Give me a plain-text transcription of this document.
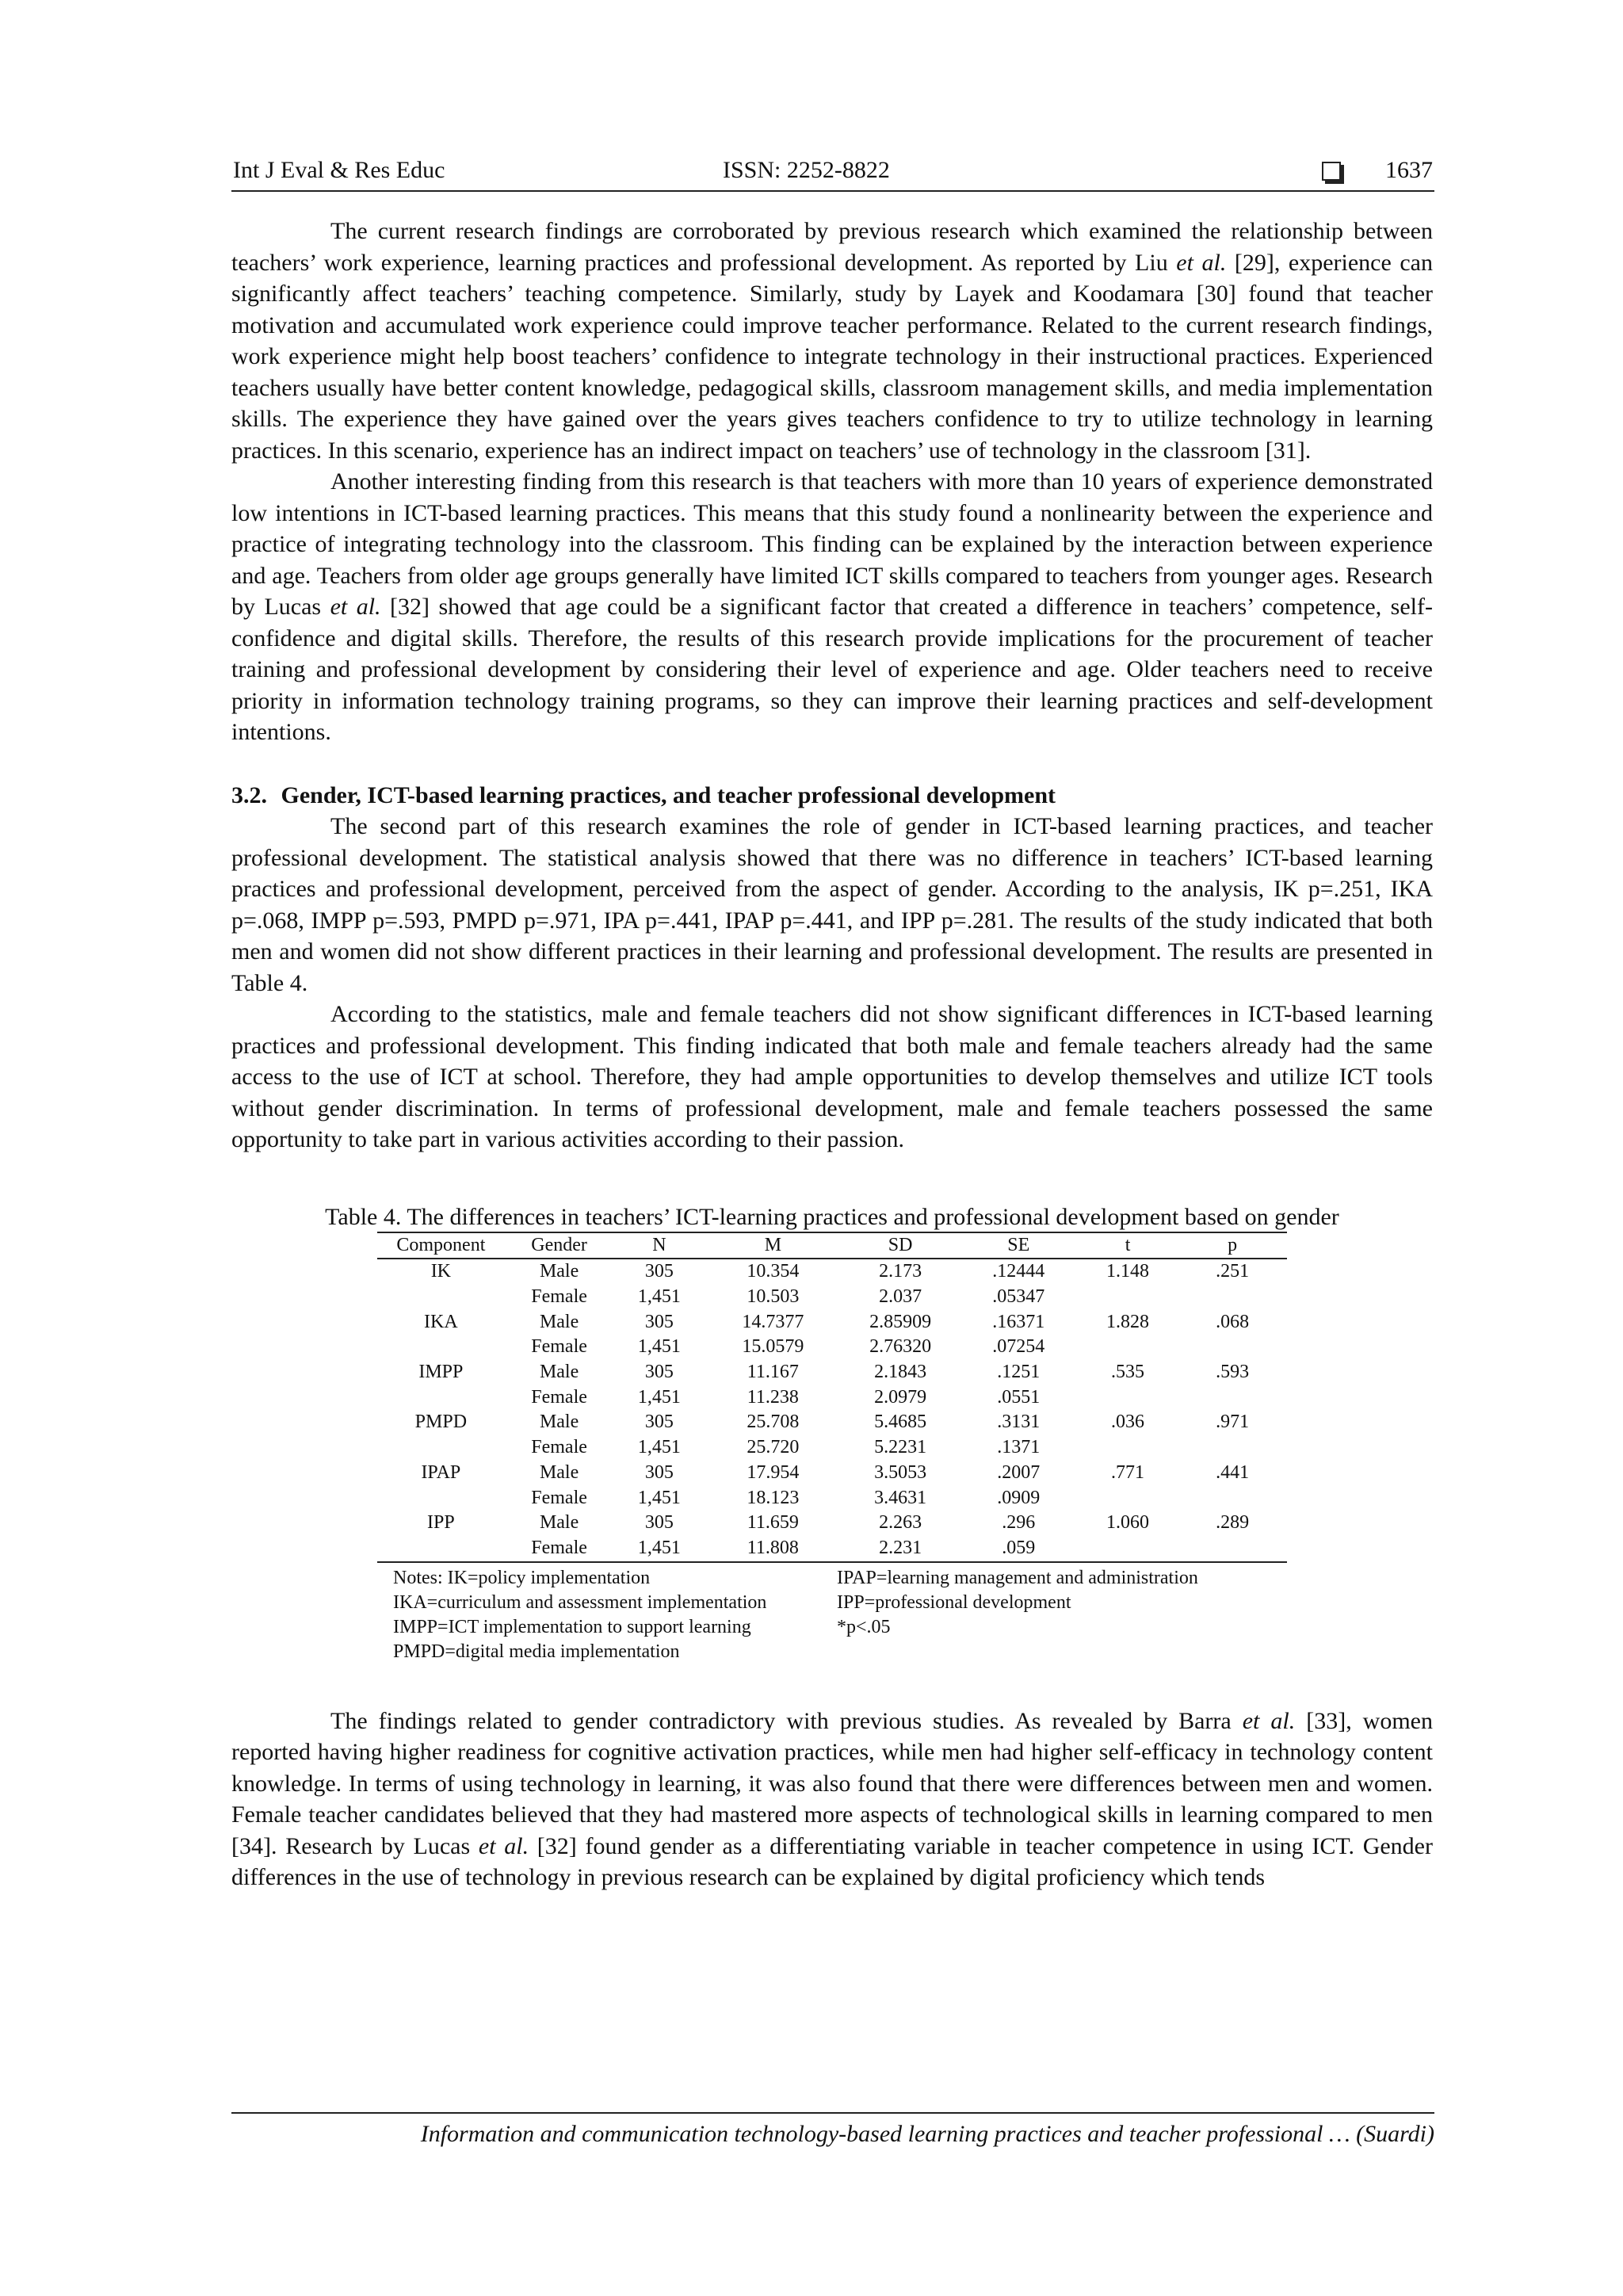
Int J Eval & Res Educ	ISSN: 2252-8822	1637

The current research findings are corroborated by previous research which examined the relationship between teachers’ work experience, learning practices and professional development. As reported by Liu et al. [29], experience can significantly affect teachers’ teaching competence. Similarly, study by Layek and Koodamara [30] found that teacher motivation and accumulated work experience could improve teacher performance. Related to the current research findings, work experience might help boost teachers’ confidence to integrate technology in their instructional practices. Experienced teachers usually have better content knowledge, pedagogical skills, classroom management skills, and media implementation skills. The experience they have gained over the years gives teachers confidence to try to utilize technology in learning practices. In this scenario, experience has an indirect impact on teachers’ use of technology in the classroom [31].

Another interesting finding from this research is that teachers with more than 10 years of experience demonstrated low intentions in ICT-based learning practices. This means that this study found a nonlinearity between the experience and practice of integrating technology into the classroom. This finding can be explained by the interaction between experience and age. Teachers from older age groups generally have limited ICT skills compared to teachers from younger ages. Research by Lucas et al. [32] showed that age could be a significant factor that created a difference in teachers’ competence, self-confidence and digital skills. Therefore, the results of this research provide implications for the procurement of teacher training and professional development by considering their level of experience and age. Older teachers need to receive priority in information technology training programs, so they can improve their learning practices and self-development intentions.

3.2. Gender, ICT-based learning practices, and teacher professional development

The second part of this research examines the role of gender in ICT-based learning practices, and teacher professional development. The statistical analysis showed that there was no difference in teachers’ ICT-based learning practices and professional development, perceived from the aspect of gender. According to the analysis, IK p=.251, IKA p=.068, IMPP p=.593, PMPD p=.971, IPA p=.441, IPAP p=.441, and IPP p=.281. The results of the study indicated that both men and women did not show different practices in their learning and professional development. The results are presented in Table 4.

According to the statistics, male and female teachers did not show significant differences in ICT-based learning practices and professional development. This finding indicated that both male and female teachers already had the same access to the use of ICT at school. Therefore, they had ample opportunities to develop themselves and utilize ICT tools without gender discrimination. In terms of professional development, male and female teachers possessed the same opportunity to take part in various activities according to their passion.

Table 4. The differences in teachers’ ICT-learning practices and professional development based on gender
Component	Gender	N	M	SD	SE	t	p
IK	Male	305	10.354	2.173	.12444	1.148	.251
	Female	1,451	10.503	2.037	.05347		
IKA	Male	305	14.7377	2.85909	.16371	1.828	.068
	Female	1,451	15.0579	2.76320	.07254		
IMPP	Male	305	11.167	2.1843	.1251	.535	.593
	Female	1,451	11.238	2.0979	.0551		
PMPD	Male	305	25.708	5.4685	.3131	.036	.971
	Female	1,451	25.720	5.2231	.1371		
IPAP	Male	305	17.954	3.5053	.2007	.771	.441
	Female	1,451	18.123	3.4631	.0909		
IPP	Male	305	11.659	2.263	.296	1.060	.289
	Female	1,451	11.808	2.231	.059		
Notes: IK=policy implementation
IKA=curriculum and assessment implementation
IMPP=ICT implementation to support learning
PMPD=digital media implementation
IPAP=learning management and administration
IPP=professional development
*p<.05

The findings related to gender contradictory with previous studies. As revealed by Barra et al. [33], women reported having higher readiness for cognitive activation practices, while men had higher self-efficacy in technology content knowledge. In terms of using technology in learning, it was also found that there were differences between men and women. Female teacher candidates believed that they had mastered more aspects of technological skills in learning compared to men [34]. Research by Lucas et al. [32] found gender as a differentiating variable in teacher competence in using ICT. Gender differences in the use of technology in previous research can be explained by digital proficiency which tends

Information and communication technology-based learning practices and teacher professional … (Suardi)
